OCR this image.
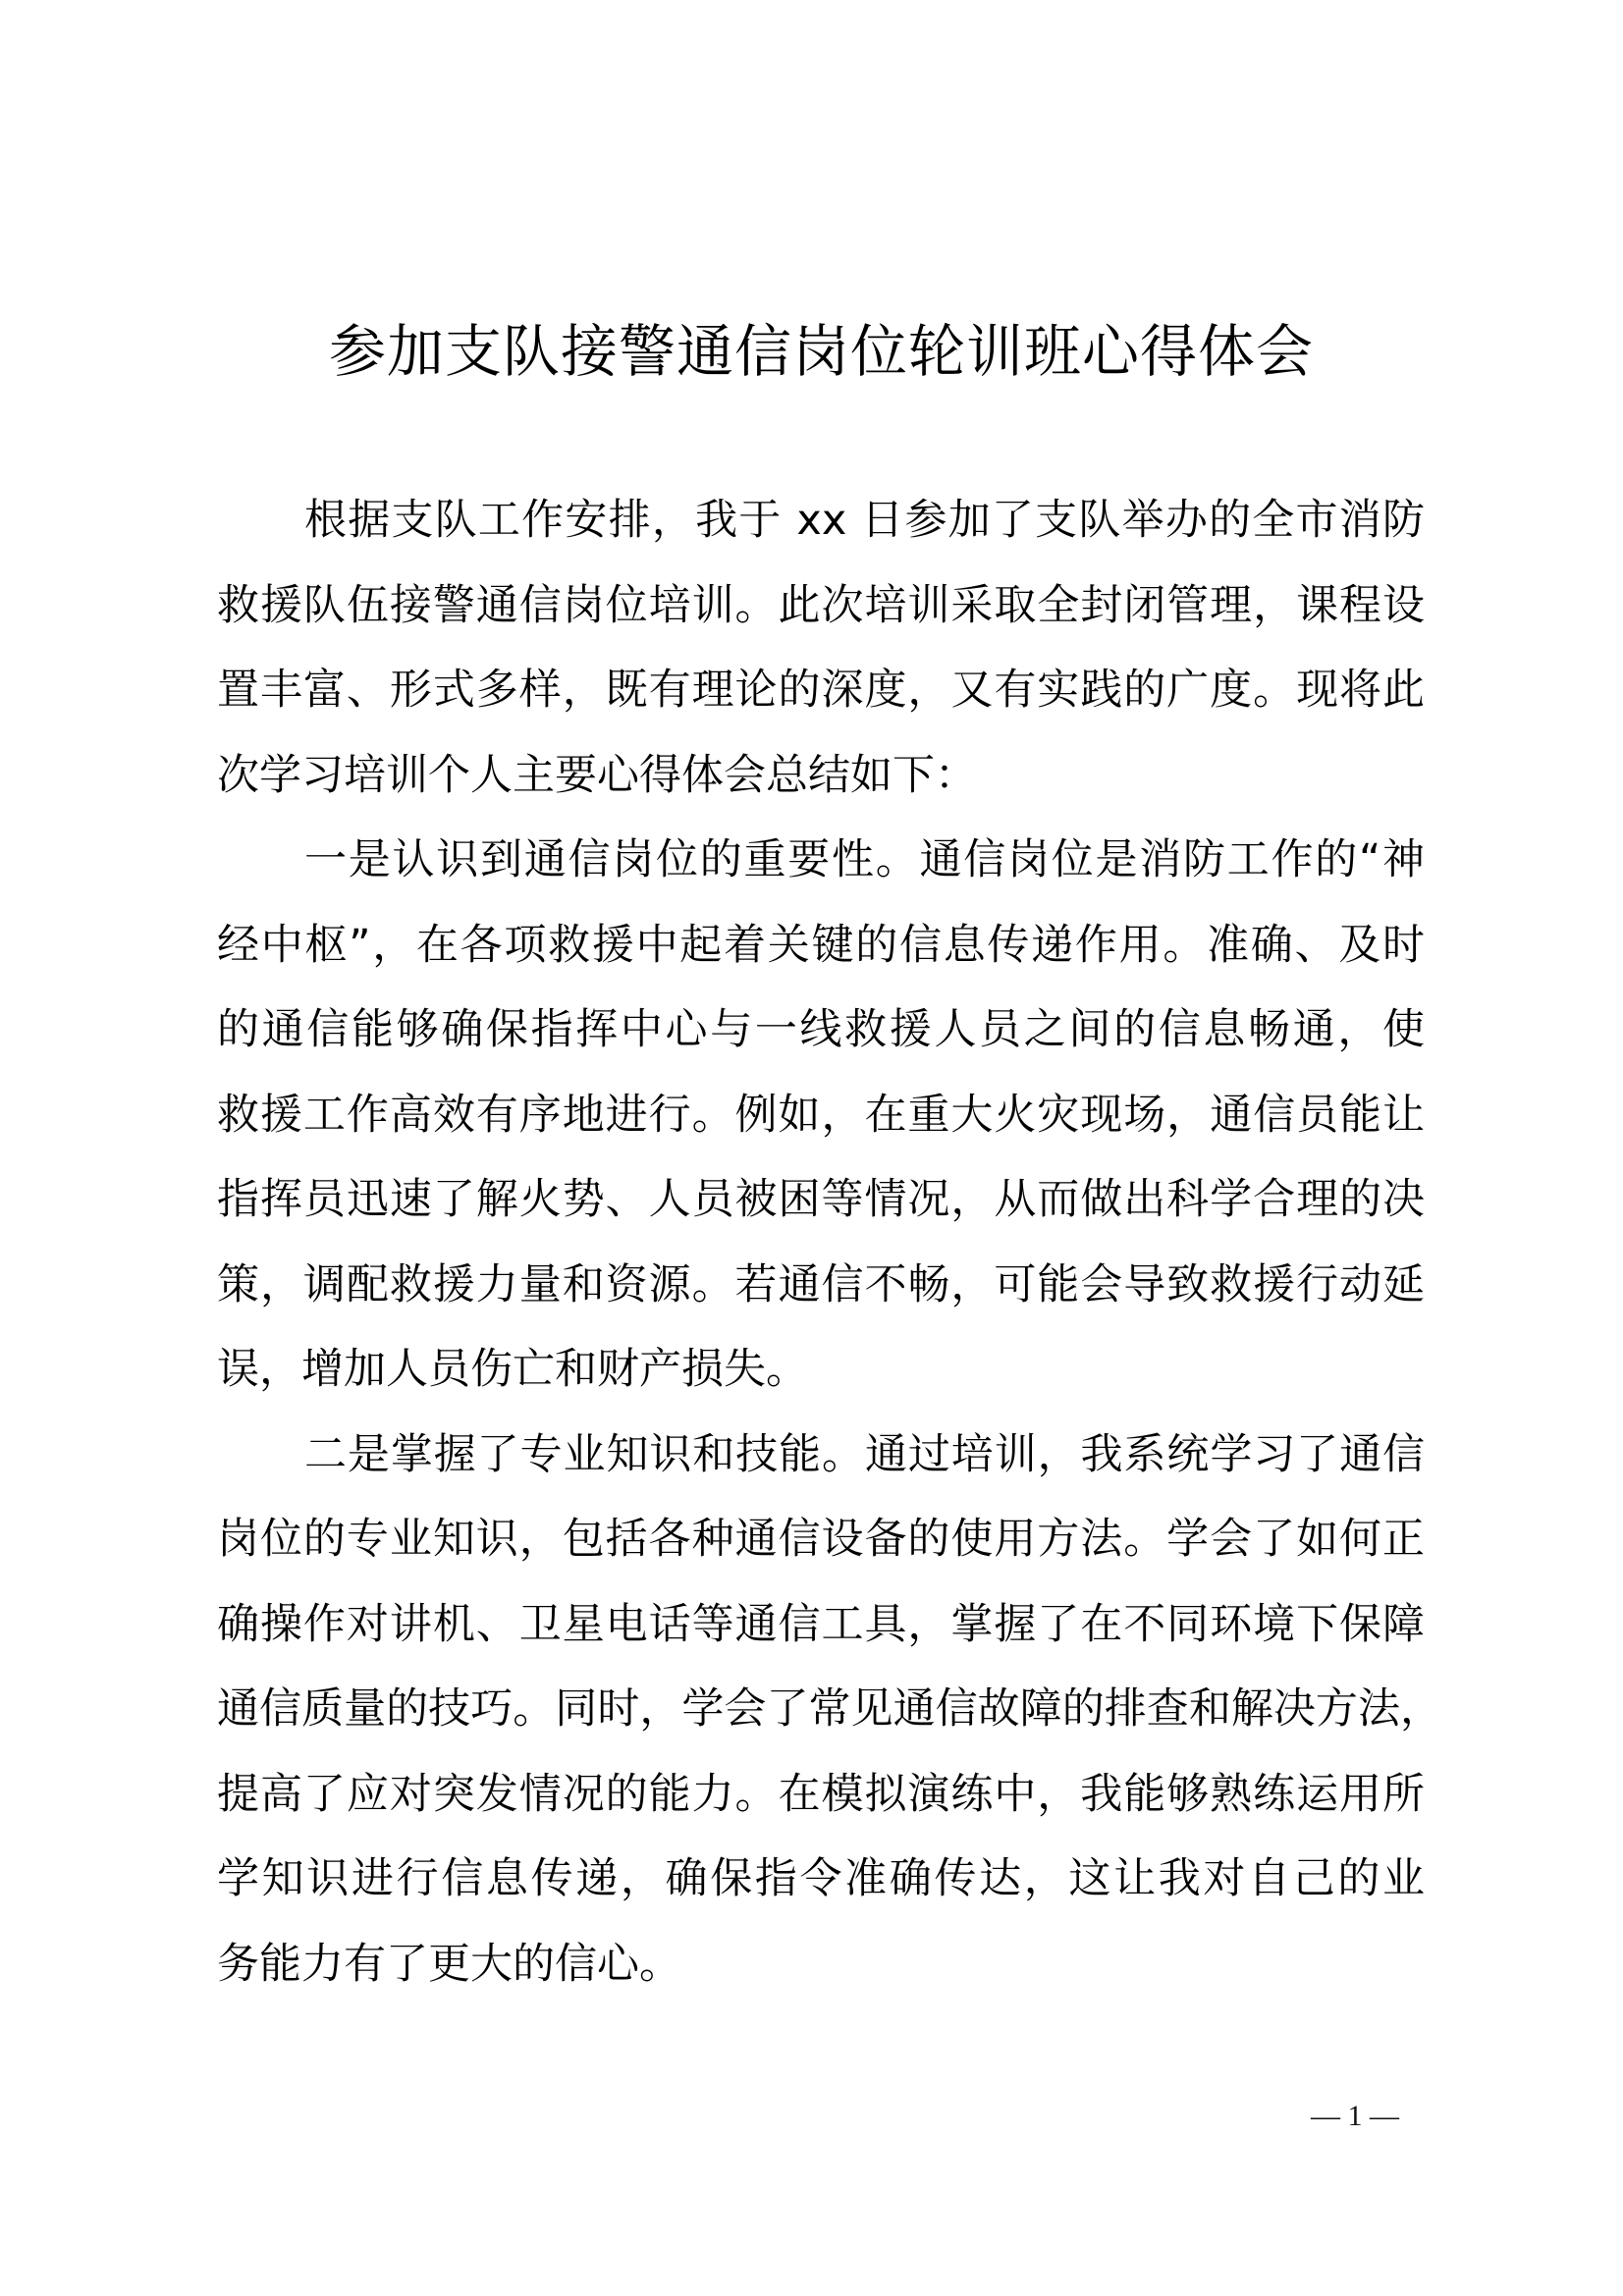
参加支队接警通信岗位轮训班心得体会
根据支队工作安排，我于 xx 日参加了支队举办的全市消防
救援队伍接警通信岗位培训。此次培训采取全封闭管理，课程设
置丰富、形式多样，既有理论的深度，又有实践的广度。现将此
次学习培训个人主要心得体会总结如下：
一是认识到通信岗位的重要性。通信岗位是消防工作的“神
经中枢”，在各项救援中起着关键的信息传递作用。准确、及时
的通信能够确保指挥中心与一线救援人员之间的信息畅通，使
救援工作高效有序地进行。例如，在重大火灾现场，通信员能让
指挥员迅速了解火势、人员被困等情况，从而做出科学合理的决
策，调配救援力量和资源。若通信不畅，可能会导致救援行动延
误，增加人员伤亡和财产损失。
二是掌握了专业知识和技能。通过培训，我系统学习了通信
岗位的专业知识，包括各种通信设备的使用方法。学会了如何正
确操作对讲机、卫星电话等通信工具，掌握了在不同环境下保障
通信质量的技巧。同时，学会了常见通信故障的排查和解决方法，
提高了应对突发情况的能力。在模拟演练中，我能够熟练运用所
学知识进行信息传递，确保指令准确传达，这让我对自己的业
务能力有了更大的信心。
— 1 —
